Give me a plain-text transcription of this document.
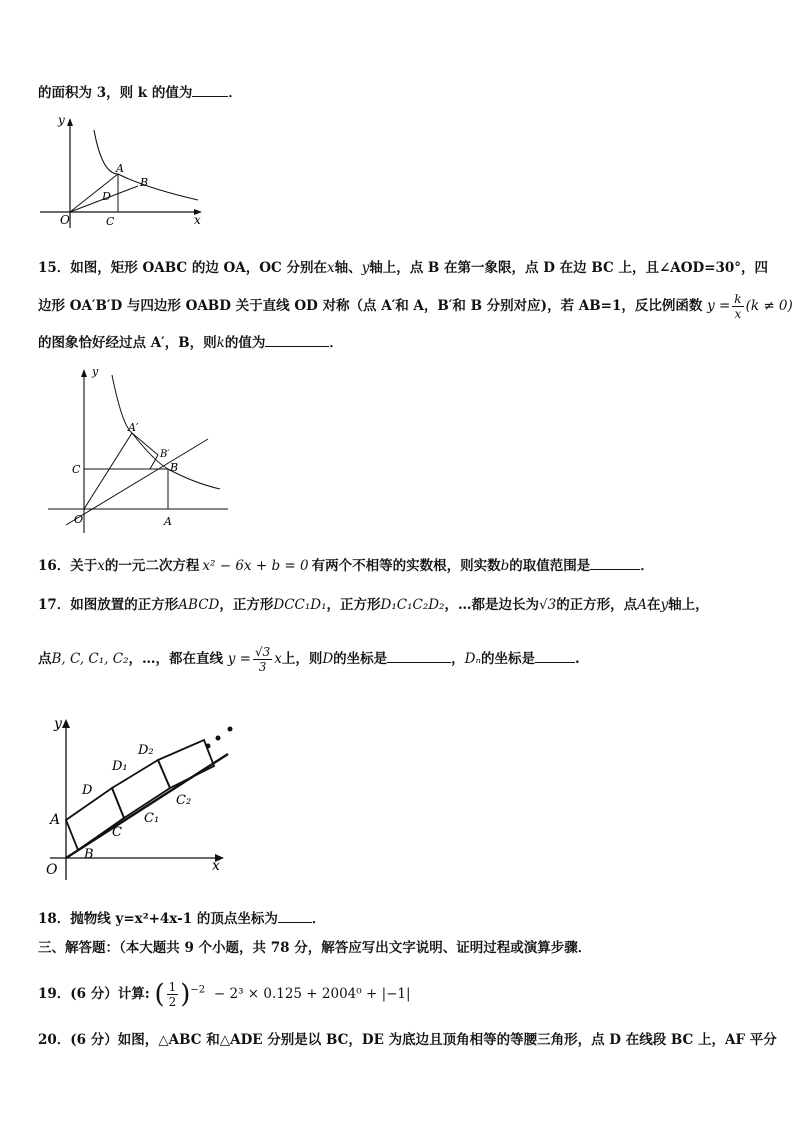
的面积为 3，则 k 的值为	．
y
x
O
A
B
D
C
15．如图，矩形 OABC 的边 OA，OC 分别在x轴、y轴上，点 B 在第一象限，点 D 在边 BC 上，且∠AOD=30°，四
边形 OA′B′D 与四边形 OABD 关于直线 OD 对称（点 A′和 A，B′和 B 分别对应)，若 AB=1，反比例函数 $y = \frac{k}{x} (k \ne 0)$
的图象恰好经过点 A′，B，则k的值为	．
y
A′
B′
C	B
O	A
16．关于x的一元二次方程 x² − 6x + b = 0 有两个不相等的实数根，则实数b的取值范围是	．
17．如图放置的正方形ABCD，正方形DCC₁D₁，正方形D₁C₁C₂D₂，…都是边长为√3的正方形，点A在y轴上，
点B, C, C₁, C₂，…，都在直线 $y = \frac{√3}{3}$ x上，则D的坐标是	，Dₙ的坐标是	.
y
x
O
A
B
C
D
D₁
C₁
D₂
C₂
18．抛物线 y=x²+4x-1 的顶点坐标为	．
三、解答题：（本大题共 9 个小题，共 78 分，解答应写出文字说明、证明过程或演算步骤．
19．(6 分）计算: ( $\frac{1}{2} )^{-2} - 2^3 \times 0.125 + 2004^0 + |-1|$
20．(6 分）如图，△ABC 和△ADE 分别是以 BC，DE 为底边且顶角相等的等腰三角形，点 D 在线段 BC 上，AF 平分
